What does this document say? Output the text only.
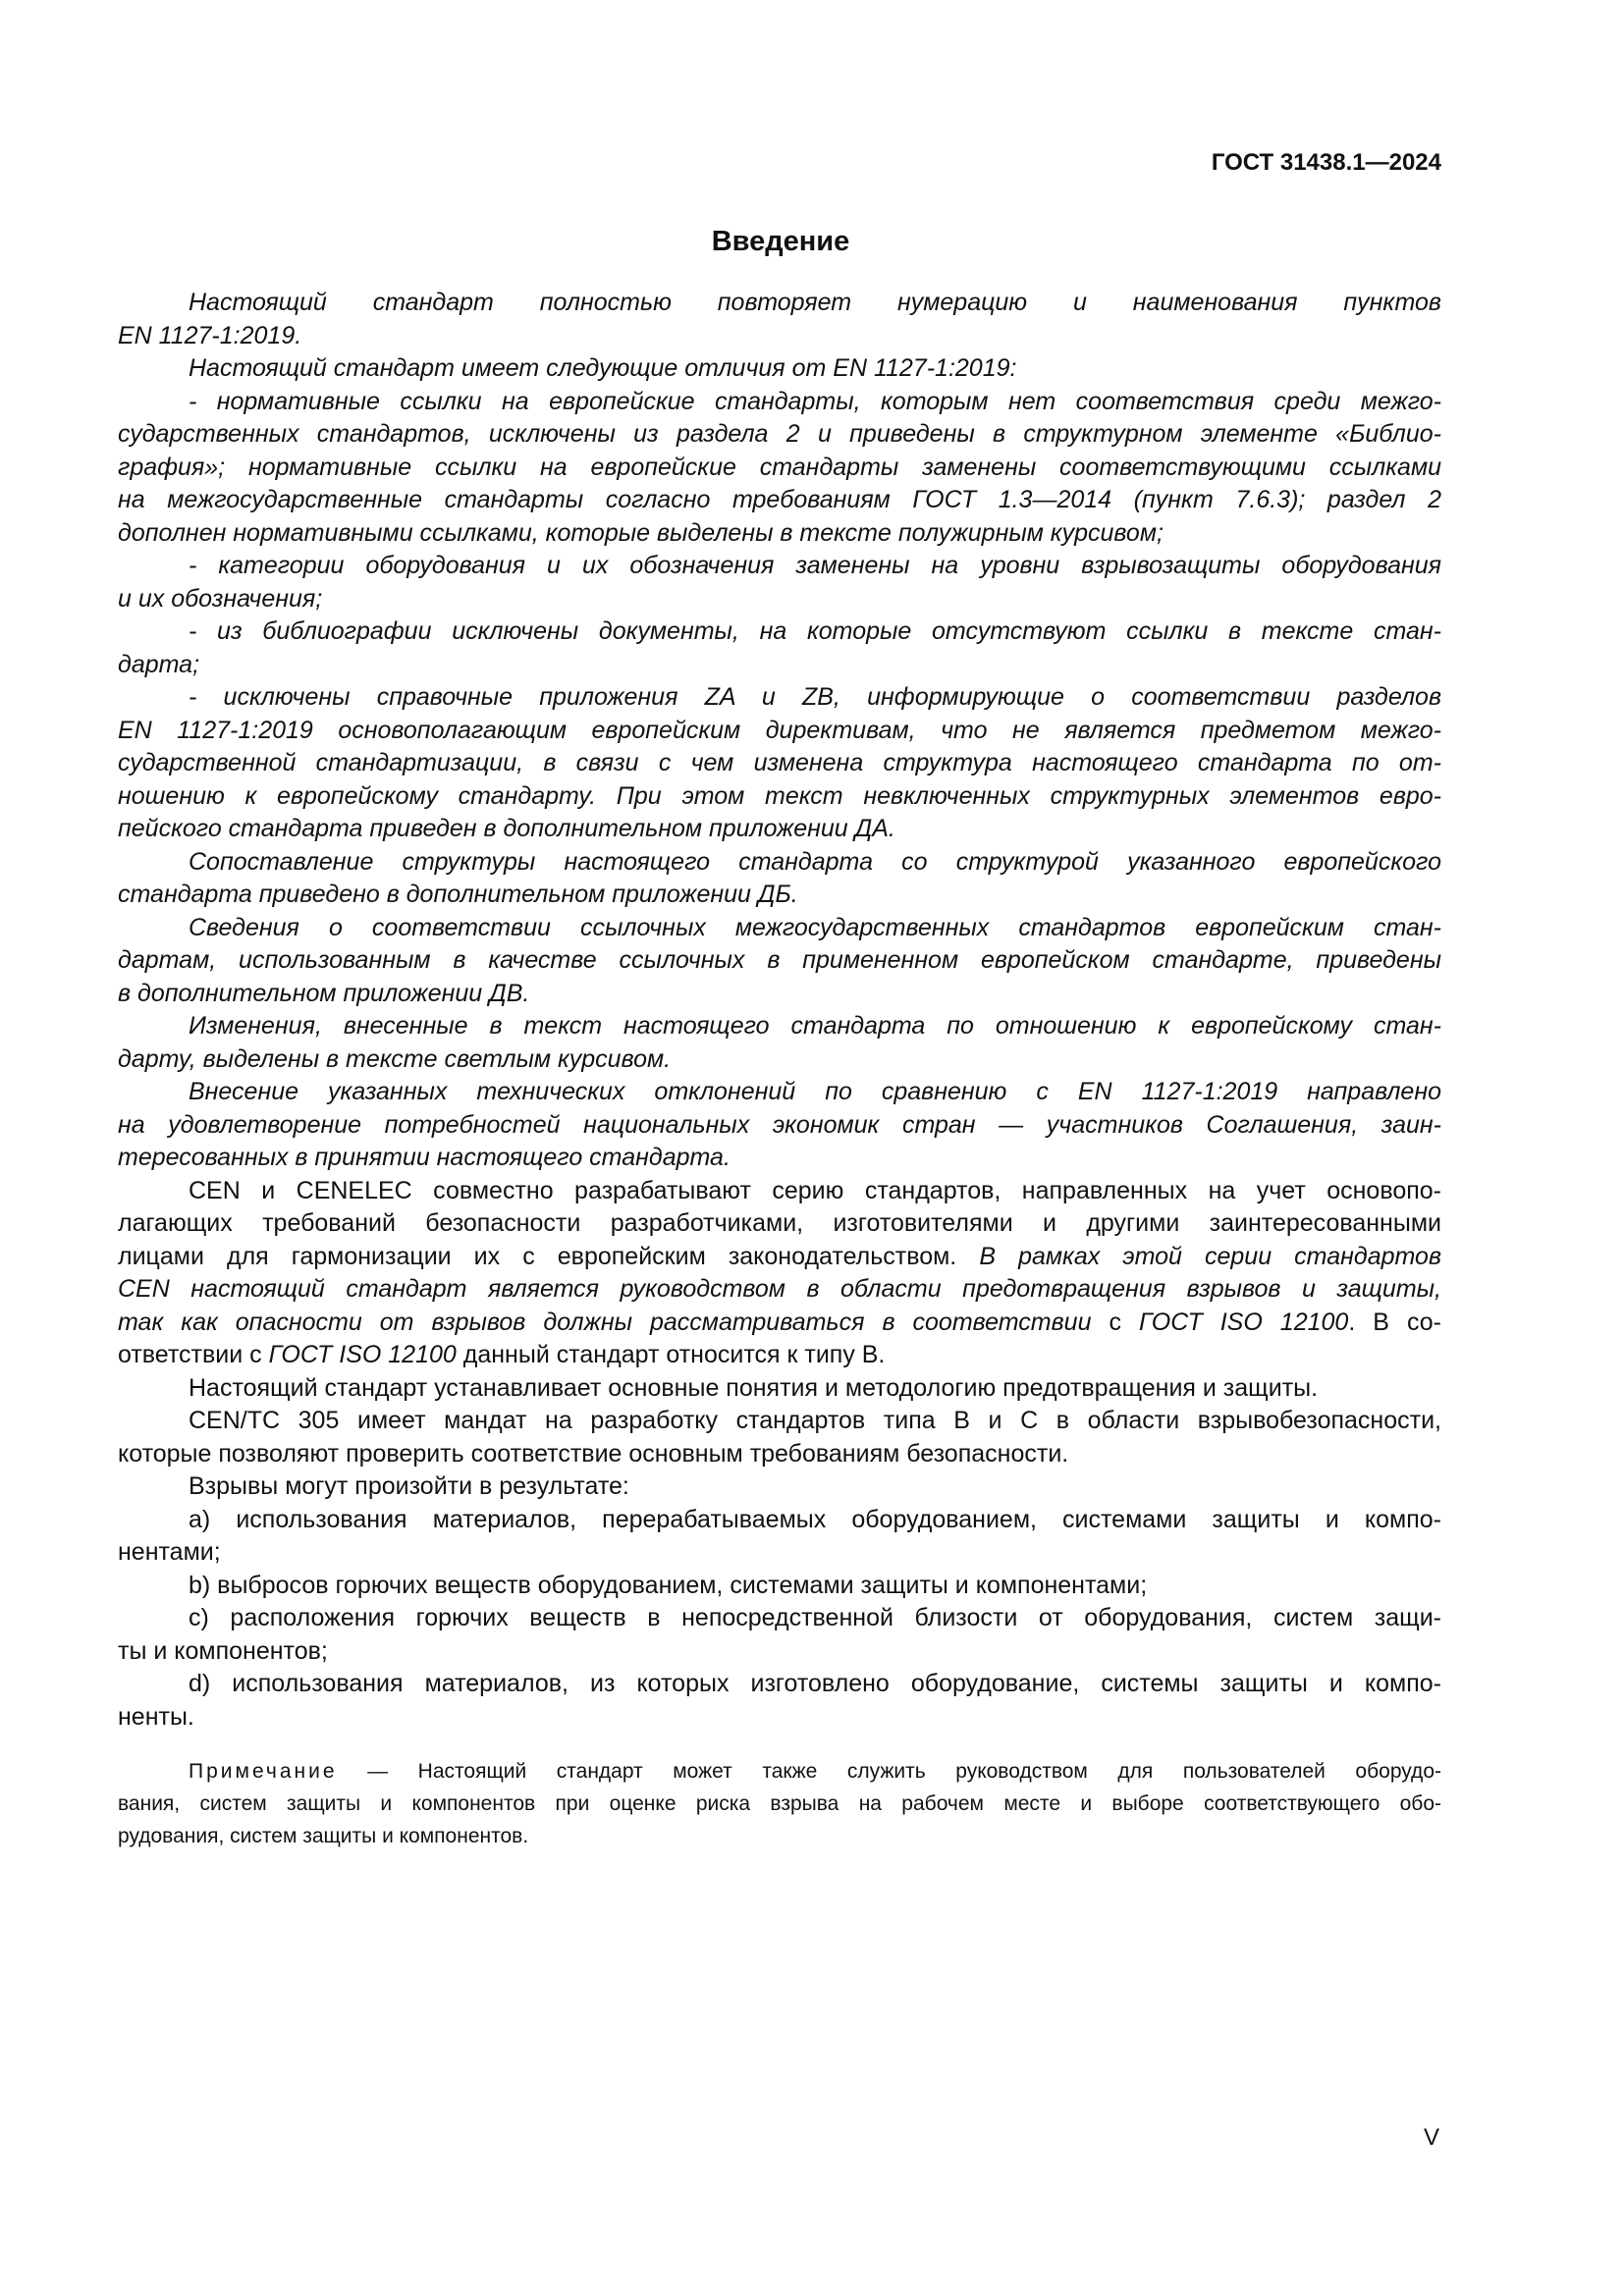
ГОСТ 31438.1—2024
Введение
Настоящий стандарт полностью повторяет нумерацию и наименования пунктов
EN 1127-1:2019.
Настоящий стандарт имеет следующие отличия от EN 1127-1:2019:
- нормативные ссылки на европейские стандарты, которым нет соответствия среди межго-
сударственных стандартов, исключены из раздела 2 и приведены в структурном элементе «Библио-
графия»; нормативные ссылки на европейские стандарты заменены соответствующими ссылками
на межгосударственные стандарты согласно требованиям ГОСТ 1.3—2014 (пункт 7.6.3); раздел 2
дополнен нормативными ссылками, которые выделены в тексте полужирным курсивом;
- категории оборудования и их обозначения заменены на уровни взрывозащиты оборудования
и их обозначения;
- из библиографии исключены документы, на которые отсутствуют ссылки в тексте стан-
дарта;
- исключены справочные приложения ZA и ZB, информирующие о соответствии разделов
EN 1127-1:2019 основополагающим европейским директивам, что не является предметом межго-
сударственной стандартизации, в связи с чем изменена структура настоящего стандарта по от-
ношению к европейскому стандарту. При этом текст невключенных структурных элементов евро-
пейского стандарта приведен в дополнительном приложении ДА.
Сопоставление структуры настоящего стандарта со структурой указанного европейского
стандарта приведено в дополнительном приложении ДБ.
Сведения о соответствии ссылочных межгосударственных стандартов европейским стан-
дартам, использованным в качестве ссылочных в примененном европейском стандарте, приведены
в дополнительном приложении ДВ.
Изменения, внесенные в текст настоящего стандарта по отношению к европейскому стан-
дарту, выделены в тексте светлым курсивом.
Внесение указанных технических отклонений по сравнению с EN 1127-1:2019 направлено
на удовлетворение потребностей национальных экономик стран — участников Соглашения, заин-
тересованных в принятии настоящего стандарта.
CEN и CENELEC совместно разрабатывают серию стандартов, направленных на учет основопо-
лагающих требований безопасности разработчиками, изготовителями и другими заинтересованными
лицами для гармонизации их с европейским законодательством. В рамках этой серии стандартов
CEN настоящий стандарт является руководством в области предотвращения взрывов и защиты,
так как опасности от взрывов должны рассматриваться в соответствии с ГОСТ ISO 12100. В со-
ответствии с ГОСТ ISO 12100 данный стандарт относится к типу В.
Настоящий стандарт устанавливает основные понятия и методологию предотвращения и защиты.
CEN/TC 305 имеет мандат на разработку стандартов типа В и С в области взрывобезопасности,
которые позволяют проверить соответствие основным требованиям безопасности.
Взрывы могут произойти в результате:
a) использования материалов, перерабатываемых оборудованием, системами защиты и компо-
нентами;
b) выбросов горючих веществ оборудованием, системами защиты и компонентами;
c) расположения горючих веществ в непосредственной близости от оборудования, систем защи-
ты и компонентов;
d) использования материалов, из которых изготовлено оборудование, системы защиты и компо-
ненты.
Примечание — Настоящий стандарт может также служить руководством для пользователей оборудо-
вания, систем защиты и компонентов при оценке риска взрыва на рабочем месте и выборе соответствующего обо-
рудования, систем защиты и компонентов.
V
